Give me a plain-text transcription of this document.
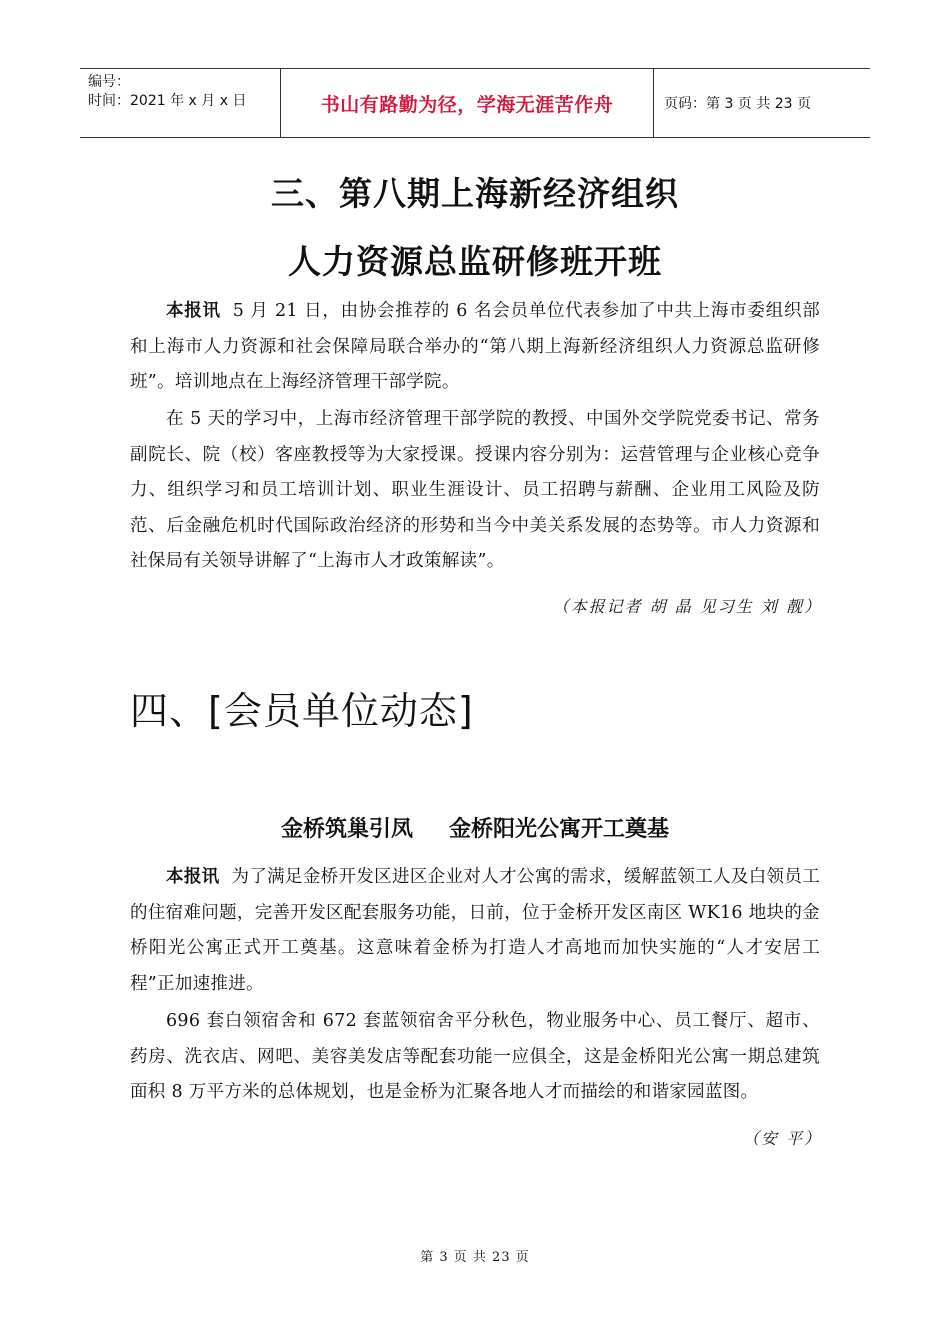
编号：
时间：2021 年 x 月 x 日	书山有路勤为径，学海无涯苦作舟	页码：第 3 页 共 23 页
三、第八期上海新经济组织
人力资源总监研修班开班
本报讯 5 月 21 日，由协会推荐的 6 名会员单位代表参加了中共上海市委组织部和上海市人力资源和社会保障局联合举办的“第八期上海新经济组织人力资源总监研修班”。培训地点在上海经济管理干部学院。
在 5 天的学习中，上海市经济管理干部学院的教授、中国外交学院党委书记、常务副院长、院（校）客座教授等为大家授课。授课内容分别为：运营管理与企业核心竞争力、组织学习和员工培训计划、职业生涯设计、员工招聘与薪酬、企业用工风险及防范、后金融危机时代国际政治经济的形势和当今中美关系发展的态势等。市人力资源和社保局有关领导讲解了“上海市人才政策解读”。
（本报记者 胡 晶 见习生 刘 靓）
四、[会员单位动态]
金桥筑巢引凤 金桥阳光公寓开工奠基
本报讯 为了满足金桥开发区进区企业对人才公寓的需求，缓解蓝领工人及白领员工的住宿难问题，完善开发区配套服务功能，日前，位于金桥开发区南区 WK16 地块的金桥阳光公寓正式开工奠基。这意味着金桥为打造人才高地而加快实施的“人才安居工程”正加速推进。
696 套白领宿舍和 672 套蓝领宿舍平分秋色，物业服务中心、员工餐厅、超市、药房、洗衣店、网吧、美容美发店等配套功能一应俱全，这是金桥阳光公寓一期总建筑面积 8 万平方米的总体规划，也是金桥为汇聚各地人才而描绘的和谐家园蓝图。
（安 平）
第 3 页 共 23 页
